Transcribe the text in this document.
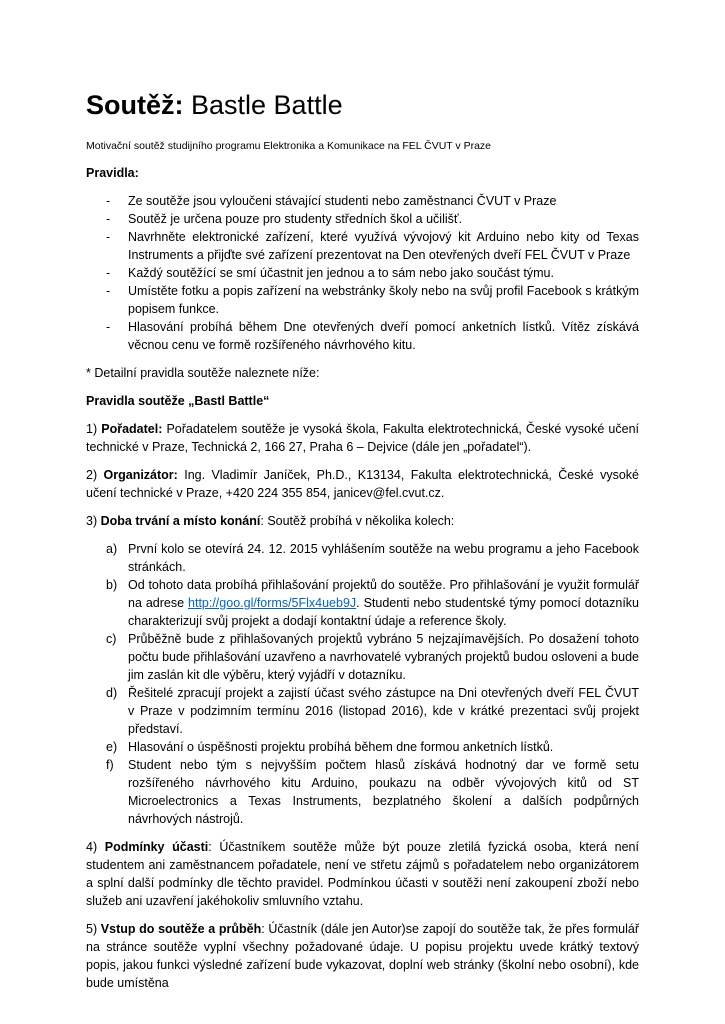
Soutěž: Bastle Battle
Motivační soutěž studijního programu Elektronika a Komunikace na FEL ČVUT v Praze
Pravidla:
- Ze soutěže jsou vyloučeni stávající studenti nebo zaměstnanci ČVUT v Praze
- Soutěž je určena pouze pro studenty středních škol a učilišť.
- Navrhněte elektronické zařízení, které využívá vývojový kit Arduino nebo kity od Texas Instruments a přijďte své zařízení prezentovat na Den otevřených dveří FEL ČVUT v Praze
- Každý soutěžící se smí účastnit jen jednou a to sám nebo jako součást týmu.
- Umístěte fotku a popis zařízení na webstránky školy nebo na svůj profil Facebook s krátkým popisem funkce.
- Hlasování probíhá během Dne otevřených dveří pomocí anketních lístků. Vítěz získává věcnou cenu ve formě rozšířeného návrhového kitu.

* Detailní pravidla soutěže naleznete níže:

Pravidla soutěže „Bastl Battle“

1) Pořadatel: Pořadatelem soutěže je vysoká škola, Fakulta elektrotechnická, České vysoké učení technické v Praze, Technická 2, 166 27, Praha 6 – Dejvice (dále jen „pořadatel“).

2) Organizátor: Ing. Vladimír Janíček, Ph.D., K13134, Fakulta elektrotechnická, České vysoké učení technické v Praze, +420 224 355 854, janicev@fel.cvut.cz.

3) Doba trvání a místo konání: Soutěž probíhá v několika kolech:

a) První kolo se otevírá 24. 12. 2015 vyhlášením soutěže na webu programu a jeho Facebook stránkách.
b) Od tohoto data probíhá přihlašování projektů do soutěže. Pro přihlašování je využit formulář na adrese http://goo.gl/forms/5Flx4ueb9J. Studenti nebo studentské týmy pomocí dotazníku charakterizují svůj projekt a dodají kontaktní údaje a reference školy.
c) Průběžně bude z přihlašovaných projektů vybráno 5 nejzajímavějších. Po dosažení tohoto počtu bude přihlašování uzavřeno a navrhovatelé vybraných projektů budou osloveni a bude jim zaslán kit dle výběru, který vyjádří v dotazníku.
d) Řešitelé zpracují projekt a zajistí účast svého zástupce na Dni otevřených dveří FEL ČVUT v Praze v podzimním termínu 2016 (listopad 2016), kde v krátké prezentaci svůj projekt představí.
e) Hlasování o úspěšnosti projektu probíhá během dne formou anketních lístků.
f) Student nebo tým s nejvyšším počtem hlasů získává hodnotný dar ve formě setu rozšířeného návrhového kitu Arduino, poukazu na odběr vývojových kitů od ST Microelectronics a Texas Instruments, bezplatného školení a dalších podpůrných návrhových nástrojů.

4) Podmínky účasti: Účastníkem soutěže může být pouze zletilá fyzická osoba, která není studentem ani zaměstnancem pořadatele, není ve střetu zájmů s pořadatelem nebo organizátorem a splní další podmínky dle těchto pravidel. Podmínkou účasti v soutěži není zakoupení zboží nebo služeb ani uzavření jakéhokoliv smluvního vztahu.

5) Vstup do soutěže a průběh: Účastník (dále jen Autor)se zapojí do soutěže tak, že přes formulář na stránce soutěže vyplní všechny požadované údaje. U popisu projektu uvede krátký textový popis, jakou funkci výsledné zařízení bude vykazovat, doplní web stránky (školní nebo osobní), kde bude umístěna
